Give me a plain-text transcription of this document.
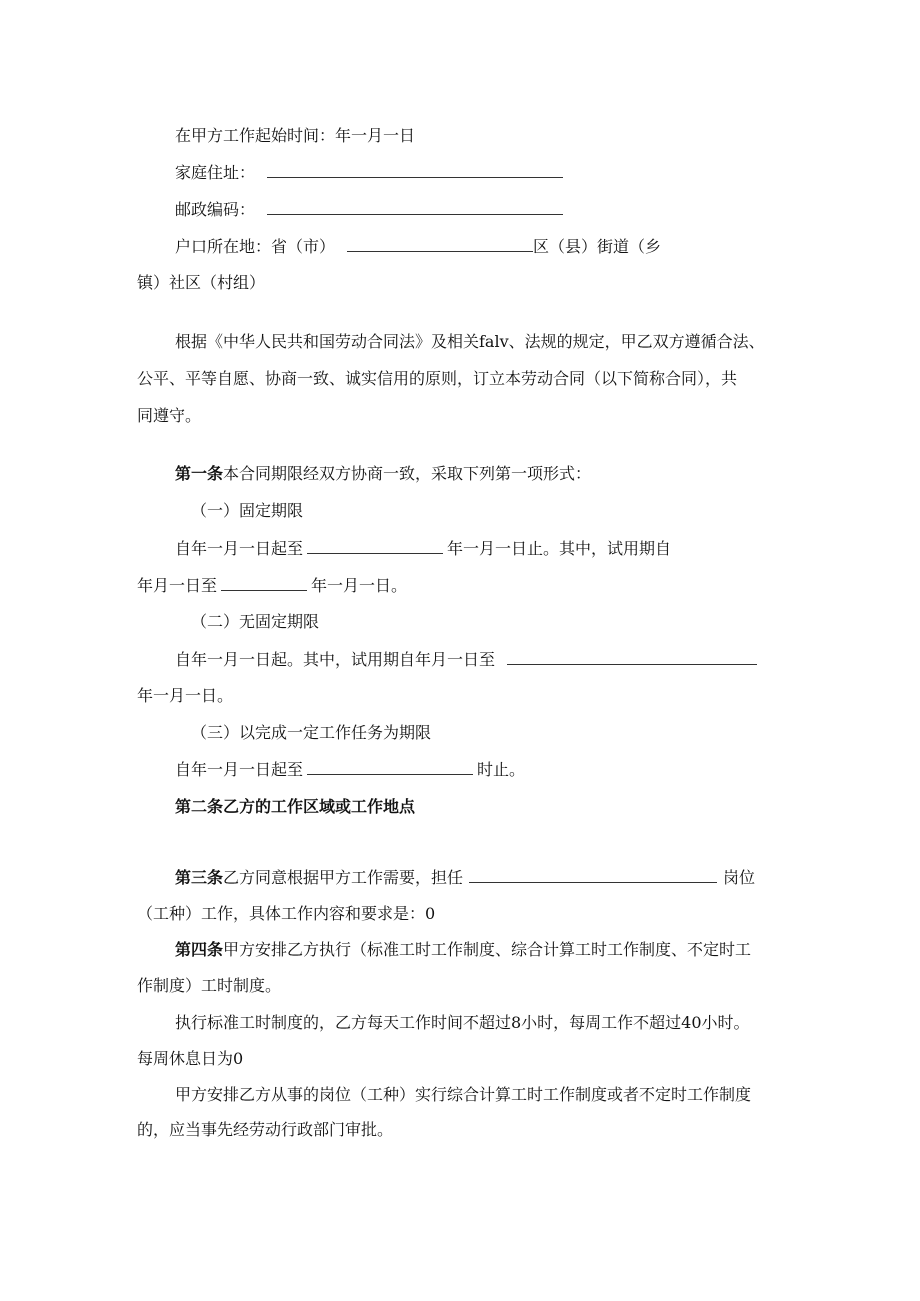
在甲方工作起始时间：年一月一日
家庭住址：
邮政编码：
户口所在地：省（市）	区（县）街道（乡
镇）社区（村组）
根据《中华人民共和国劳动合同法》及相关falv、法规的规定，甲乙双方遵循合法、
公平、平等自愿、协商一致、诚实信用的原则，订立本劳动合同（以下简称合同），共
同遵守。
第一条本合同期限经双方协商一致，采取下列第一项形式：
（一）固定期限
自年一月一日起至	年一月一日止。其中，试用期自
年月一日至	年一月一日。
（二）无固定期限
自年一月一日起。其中，试用期自年月一日至
年一月一日。
（三）以完成一定工作任务为期限
自年一月一日起至	时止。
第二条乙方的工作区域或工作地点
第三条乙方同意根据甲方工作需要，担任	岗位
（工种）工作，具体工作内容和要求是：0
第四条甲方安排乙方执行（标准工时工作制度、综合计算工时工作制度、不定时工
作制度）工时制度。
执行标准工时制度的，乙方每天工作时间不超过8小时，每周工作不超过40小时。
每周休息日为0
甲方安排乙方从事的岗位（工种）实行综合计算工时工作制度或者不定时工作制度
的，应当事先经劳动行政部门审批。
